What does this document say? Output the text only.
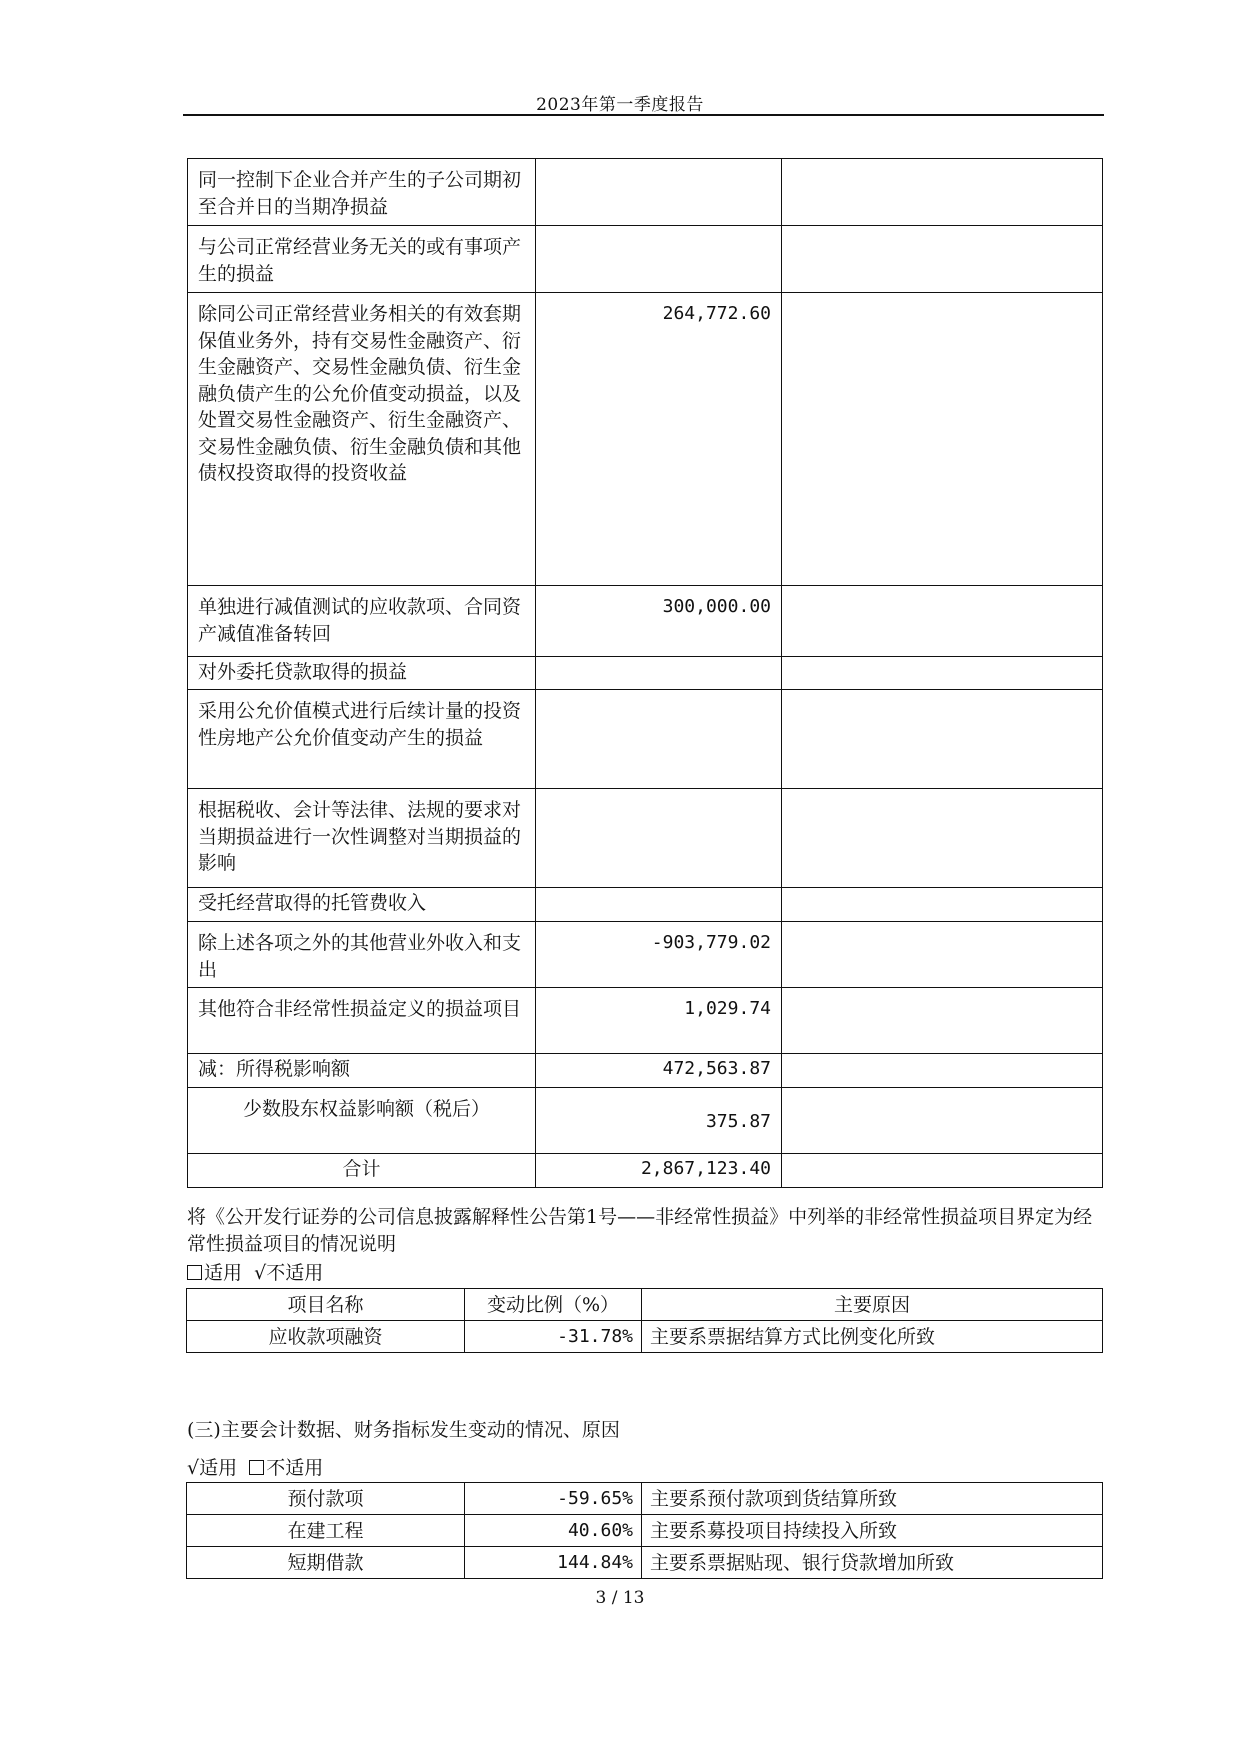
2023年第一季度报告
同一控制下企业合并产生的子公司期初至合并日的当期净损益		
与公司正常经营业务无关的或有事项产生的损益		
除同公司正常经营业务相关的有效套期保值业务外，持有交易性金融资产、衍生金融资产、交易性金融负债、衍生金融负债产生的公允价值变动损益，以及处置交易性金融资产、衍生金融资产、交易性金融负债、衍生金融负债和其他债权投资取得的投资收益	264,772.60	
单独进行减值测试的应收款项、合同资产减值准备转回	300,000.00	
对外委托贷款取得的损益		
采用公允价值模式进行后续计量的投资性房地产公允价值变动产生的损益		
根据税收、会计等法律、法规的要求对当期损益进行一次性调整对当期损益的影响		
受托经营取得的托管费收入		
除上述各项之外的其他营业外收入和支出	-903,779.02	
其他符合非经常性损益定义的损益项目	1,029.74	
减：所得税影响额	472,563.87	
少数股东权益影响额（税后）	375.87	
合计	2,867,123.40	
将《公开发行证券的公司信息披露解释性公告第1号——非经常性损益》中列举的非经常性损益项目界定为经常性损益项目的情况说明
适用 √不适用
项目名称	变动比例（%）	主要原因
应收款项融资	-31.78%	主要系票据结算方式比例变化所致
(三)主要会计数据、财务指标发生变动的情况、原因
√适用 不适用
预付款项	-59.65%	主要系预付款项到货结算所致
在建工程	40.60%	主要系募投项目持续投入所致
短期借款	144.84%	主要系票据贴现、银行贷款增加所致
3 / 13
